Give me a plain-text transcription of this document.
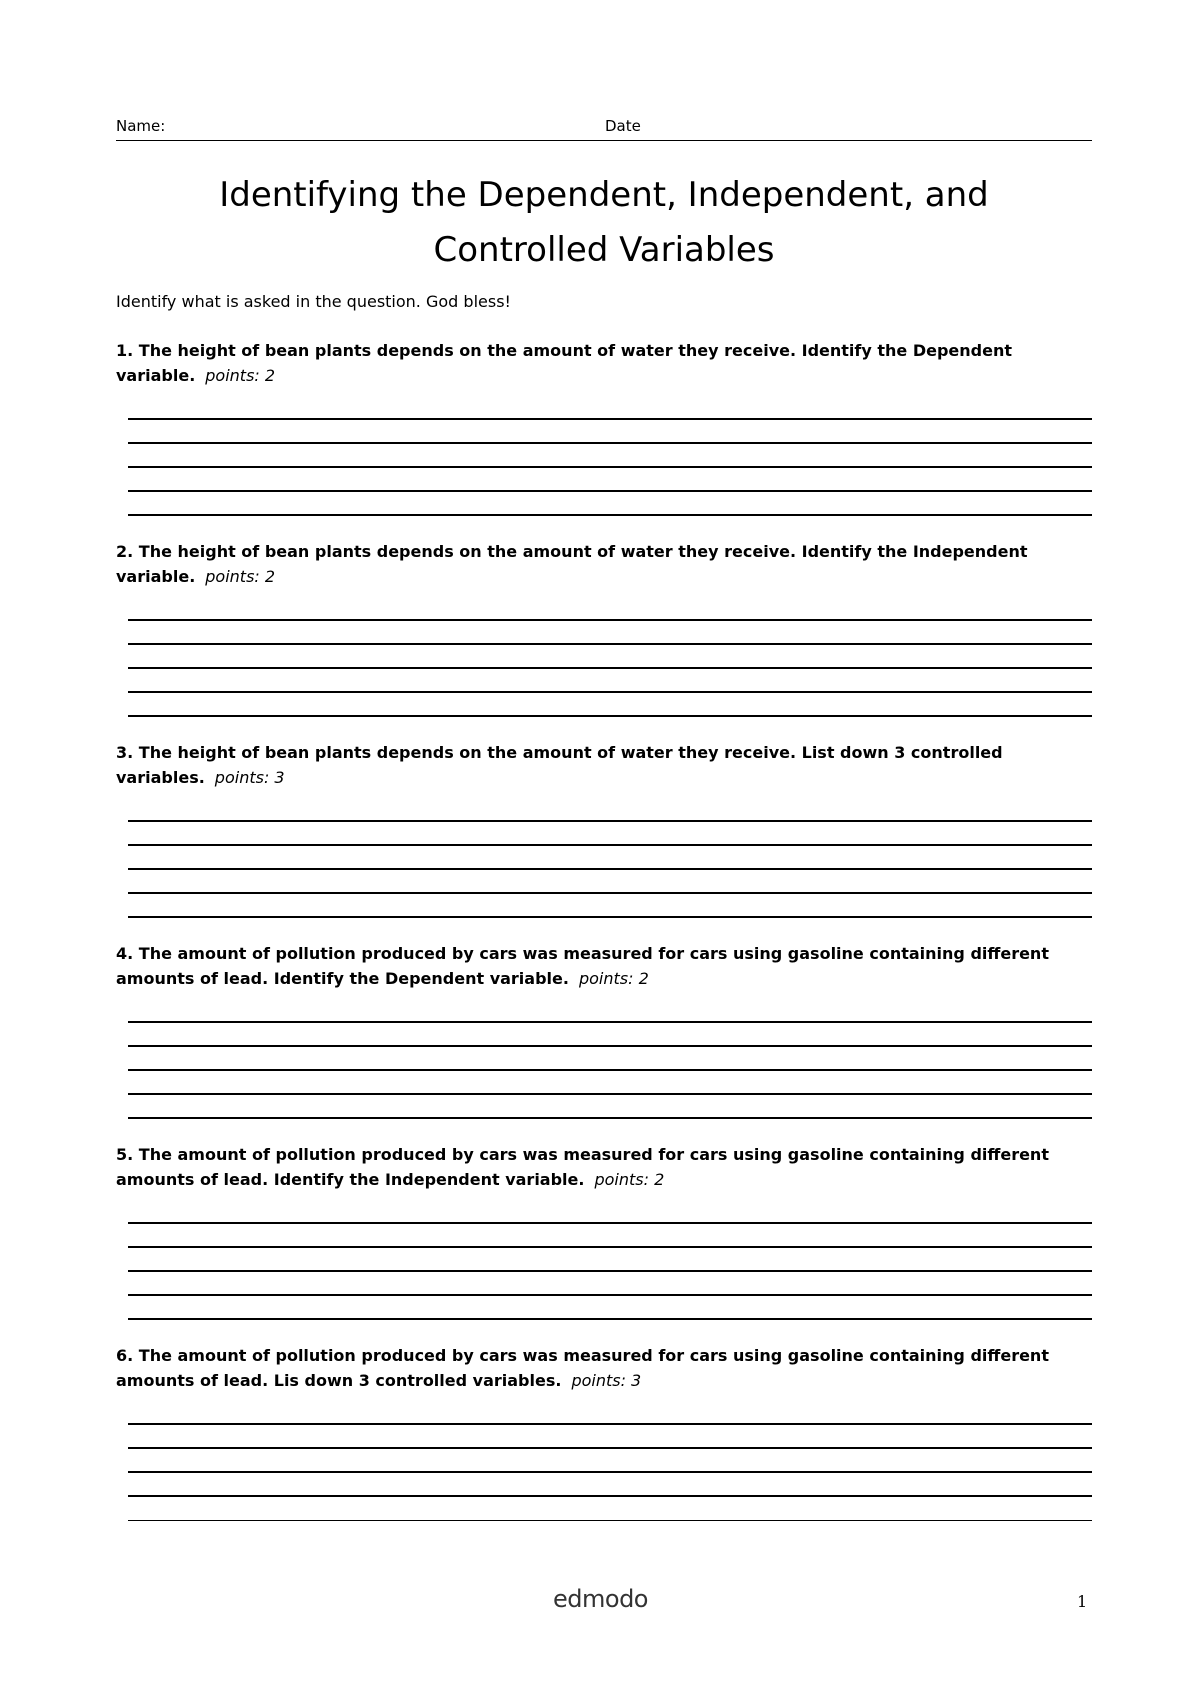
Name:	Date
Identifying the Dependent, Independent, and
Controlled Variables
Identify what is asked in the question. God bless!

1. The height of bean plants depends on the amount of water they receive. Identify the Dependent variable. points: 2

2. The height of bean plants depends on the amount of water they receive. Identify the Independent variable. points: 2

3. The height of bean plants depends on the amount of water they receive. List down 3 controlled variables. points: 3

4. The amount of pollution produced by cars was measured for cars using gasoline containing different amounts of lead. Identify the Dependent variable. points: 2

5. The amount of pollution produced by cars was measured for cars using gasoline containing different amounts of lead. Identify the Independent variable. points: 2

6. The amount of pollution produced by cars was measured for cars using gasoline containing different amounts of lead. Lis down 3 controlled variables. points: 3

edmodo	1
